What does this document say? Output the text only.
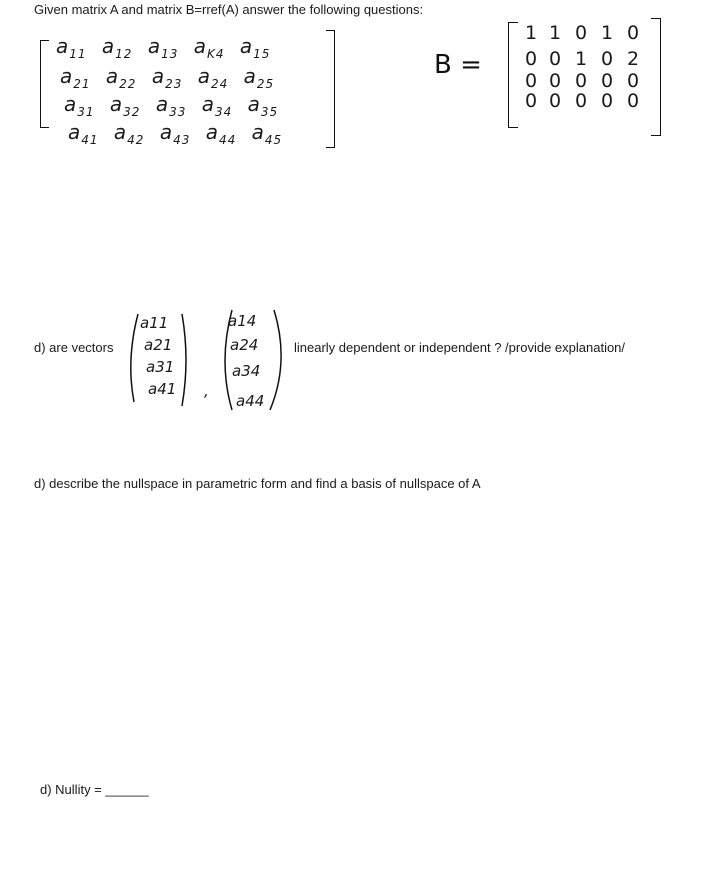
Given matrix A and matrix B=rref(A) answer the following questions:
$a_{11}$ $a_{12}$ $a_{13}$ $a_{K4}$ $a_{15}$
$a_{21}$ $a_{22}$ $a_{23}$ $a_{24}$ $a_{25}$
$a_{31}$ $a_{32}$ $a_{33}$ $a_{34}$ $a_{35}$
$a_{41}$ $a_{42}$ $a_{43}$ $a_{44}$ $a_{45}$
B =
1 1 0 1 0
0 0 1 0 2
0 0 0 0 0
0 0 0 0 0
d) are vectors
a11
a21
a31
a41 ,
a14
a24
a34
a44
linearly dependent or independent ? /provide explanation/
d) describe the nullspace in parametric form and find a basis of nullspace of A
d) Nullity = ______
